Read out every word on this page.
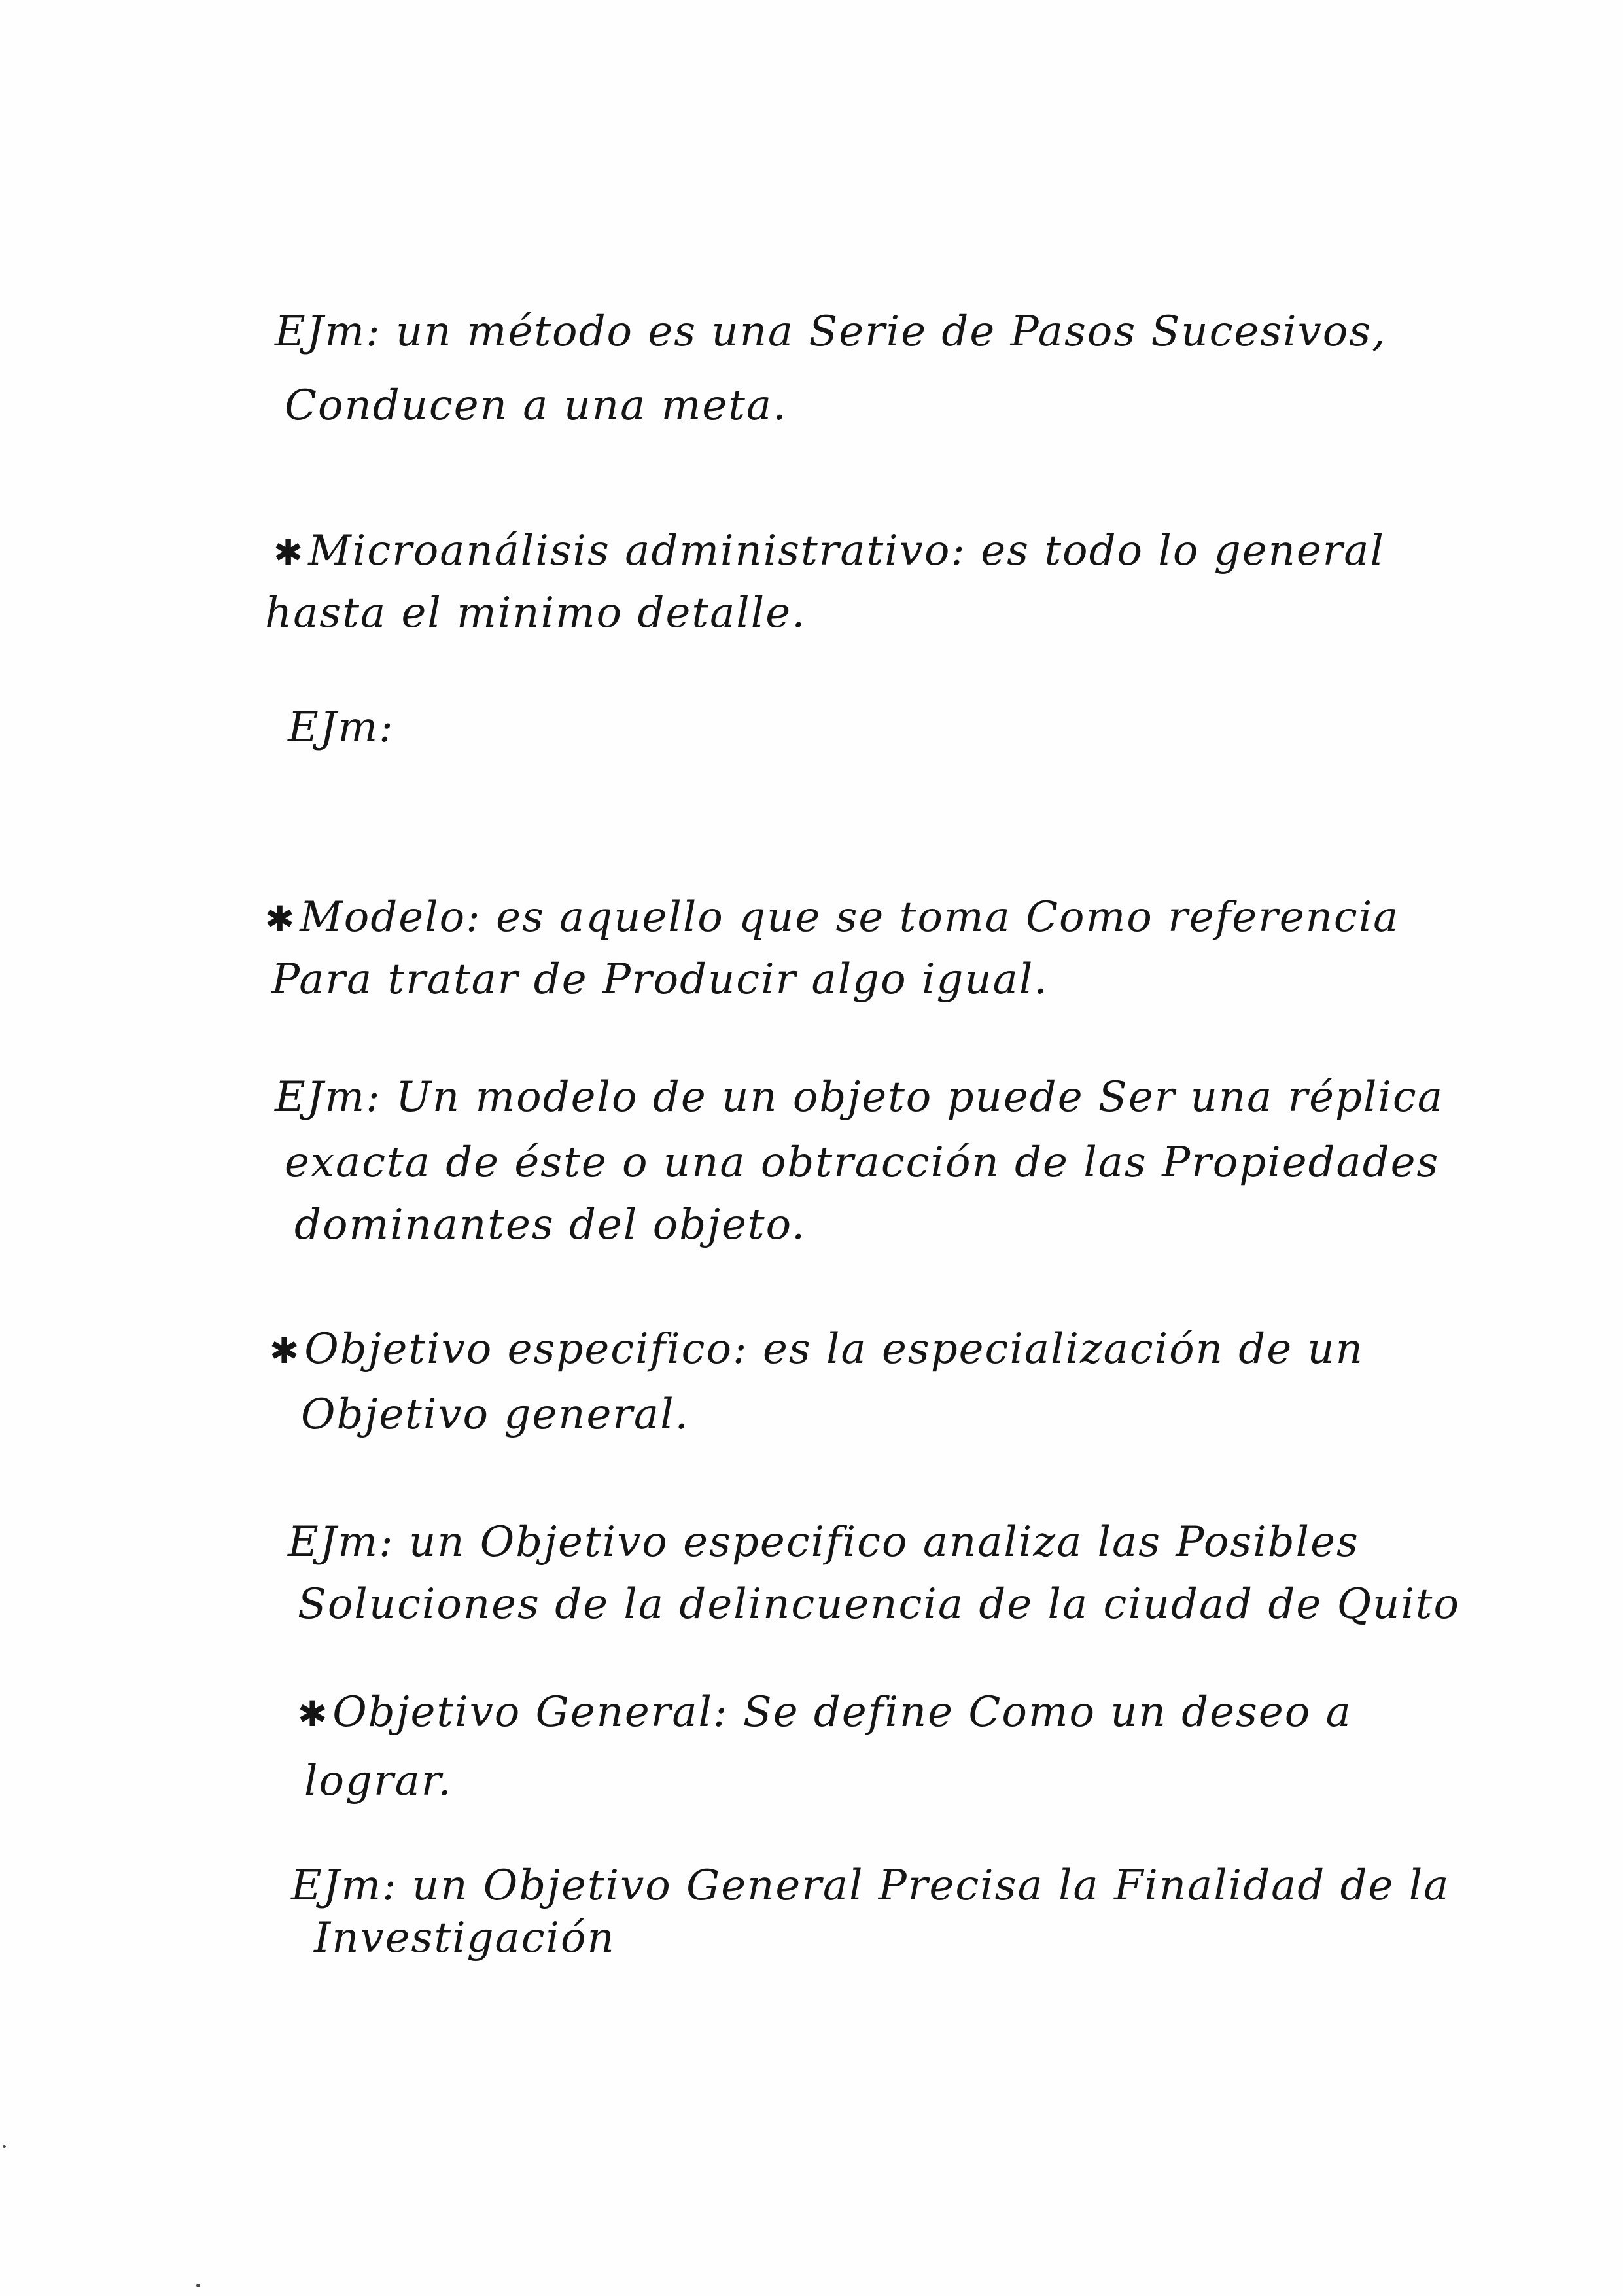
EJm: un método es una Serie de Pasos Sucesivos,

Conducen a una meta.

✱Microanálisis administrativo: es todo lo general

hasta el minimo detalle.

EJm:

✱Modelo: es aquello que se toma Como referencia

Para tratar de Producir algo igual.

EJm: Un modelo de un objeto puede Ser una réplica

exacta de éste o una obtracción de las Propiedades

dominantes del objeto.

✱Objetivo especifico: es la especialización de un

Objetivo general.

EJm: un Objetivo especifico analiza las Posibles

Soluciones de la delincuencia de la ciudad de Quito

✱Objetivo General: Se define Como un deseo a

lograr.

EJm: un Objetivo General Precisa la Finalidad de la

Investigación
